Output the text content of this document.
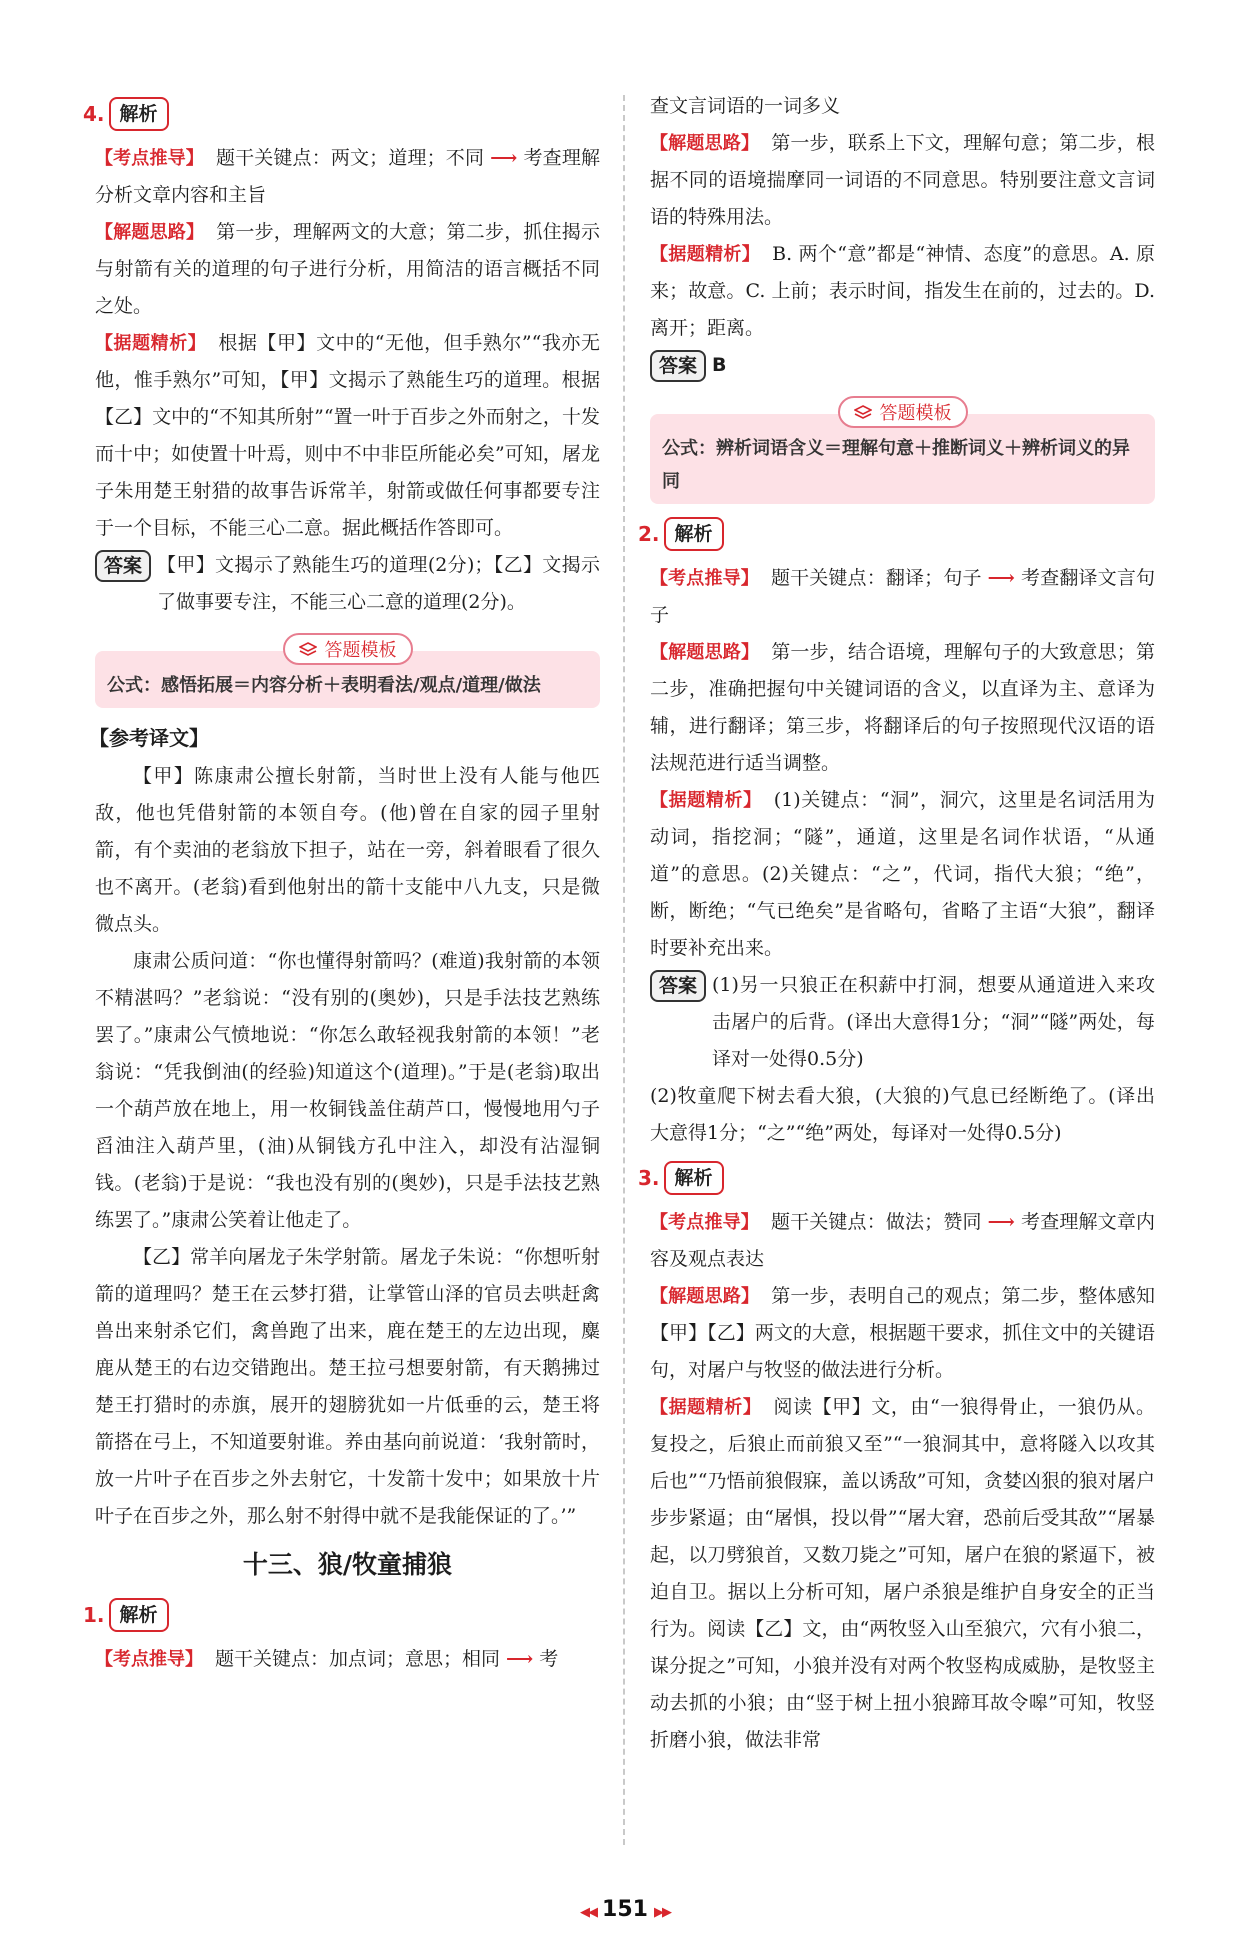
4. 解析

【考点推导】 题干关键点：两文；道理；不同 ⟶ 考查理解分析文章内容和主旨

【解题思路】 第一步，理解两文的大意；第二步，抓住揭示与射箭有关的道理的句子进行分析，用简洁的语言概括不同之处。

【据题精析】 根据【甲】文中的“无他，但手熟尔”“我亦无他，惟手熟尔”可知，【甲】文揭示了熟能生巧的道理。根据【乙】文中的“不知其所射”“置一叶于百步之外而射之，十发而十中；如使置十叶焉，则中不中非臣所能必矣”可知，屠龙子朱用楚王射猎的故事告诉常羊，射箭或做任何事都要专注于一个目标，不能三心二意。据此概括作答即可。

答案 【甲】文揭示了熟能生巧的道理(2分)；【乙】文揭示了做事要专注，不能三心二意的道理(2分)。

答题模板
公式：感悟拓展＝内容分析＋表明看法/观点/道理/做法
【参考译文】

【甲】陈康肃公擅长射箭，当时世上没有人能与他匹敌，他也凭借射箭的本领自夸。(他)曾在自家的园子里射箭，有个卖油的老翁放下担子，站在一旁，斜着眼看了很久也不离开。(老翁)看到他射出的箭十支能中八九支，只是微微点头。

康肃公质问道：“你也懂得射箭吗？(难道)我射箭的本领不精湛吗？”老翁说：“没有别的(奥妙)，只是手法技艺熟练罢了。”康肃公气愤地说：“你怎么敢轻视我射箭的本领！”老翁说：“凭我倒油(的经验)知道这个(道理)。”于是(老翁)取出一个葫芦放在地上，用一枚铜钱盖住葫芦口，慢慢地用勺子舀油注入葫芦里，(油)从铜钱方孔中注入，却没有沾湿铜钱。(老翁)于是说：“我也没有别的(奥妙)，只是手法技艺熟练罢了。”康肃公笑着让他走了。

【乙】常羊向屠龙子朱学射箭。屠龙子朱说：“你想听射箭的道理吗？楚王在云梦打猎，让掌管山泽的官员去哄赶禽兽出来射杀它们，禽兽跑了出来，鹿在楚王的左边出现，麋鹿从楚王的右边交错跑出。楚王拉弓想要射箭，有天鹅拂过楚王打猎时的赤旗，展开的翅膀犹如一片低垂的云，楚王将箭搭在弓上，不知道要射谁。养由基向前说道：‘我射箭时，放一片叶子在百步之外去射它，十发箭十发中；如果放十片叶子在百步之外，那么射不射得中就不是我能保证的了。’”

十三、狼/牧童捕狼
1. 解析

【考点推导】 题干关键点：加点词；意思；相同 ⟶ 考

查文言词语的一词多义

【解题思路】 第一步，联系上下文，理解句意；第二步，根据不同的语境揣摩同一词语的不同意思。特别要注意文言词语的特殊用法。

【据题精析】 B. 两个“意”都是“神情、态度”的意思。A. 原来；故意。C. 上前；表示时间，指发生在前的，过去的。D. 离开；距离。

答案 B

答题模板
公式：辨析词语含义＝理解句意＋推断词义＋辨析词义的异同
2. 解析

【考点推导】 题干关键点：翻译；句子 ⟶ 考查翻译文言句子

【解题思路】 第一步，结合语境，理解句子的大致意思；第二步，准确把握句中关键词语的含义，以直译为主、意译为辅，进行翻译；第三步，将翻译后的句子按照现代汉语的语法规范进行适当调整。

【据题精析】 (1)关键点：“洞”，洞穴，这里是名词活用为动词，指挖洞；“隧”，通道，这里是名词作状语，“从通道”的意思。(2)关键点：“之”，代词，指代大狼；“绝”，断，断绝；“气已绝矣”是省略句，省略了主语“大狼”，翻译时要补充出来。

答案 (1)另一只狼正在积薪中打洞，想要从通道进入来攻击屠户的后背。(译出大意得1分；“洞”“隧”两处，每译对一处得0.5分)

(2)牧童爬下树去看大狼，(大狼的)气息已经断绝了。(译出大意得1分；“之”“绝”两处，每译对一处得0.5分)

3. 解析

【考点推导】 题干关键点：做法；赞同 ⟶ 考查理解文章内容及观点表达

【解题思路】 第一步，表明自己的观点；第二步，整体感知【甲】【乙】两文的大意，根据题干要求，抓住文中的关键语句，对屠户与牧竖的做法进行分析。

【据题精析】 阅读【甲】文，由“一狼得骨止，一狼仍从。复投之，后狼止而前狼又至”“一狼洞其中，意将隧入以攻其后也”“乃悟前狼假寐，盖以诱敌”可知，贪婪凶狠的狼对屠户步步紧逼；由“屠惧，投以骨”“屠大窘，恐前后受其敌”“屠暴起，以刀劈狼首，又数刀毙之”可知，屠户在狼的紧逼下，被迫自卫。据以上分析可知，屠户杀狼是维护自身安全的正当行为。阅读【乙】文，由“两牧竖入山至狼穴，穴有小狼二，谋分捉之”可知，小狼并没有对两个牧竖构成威胁，是牧竖主动去抓的小狼；由“竖于树上扭小狼蹄耳故令嗥”可知，牧竖折磨小狼，做法非常

◀◀ 151 ▶▶
